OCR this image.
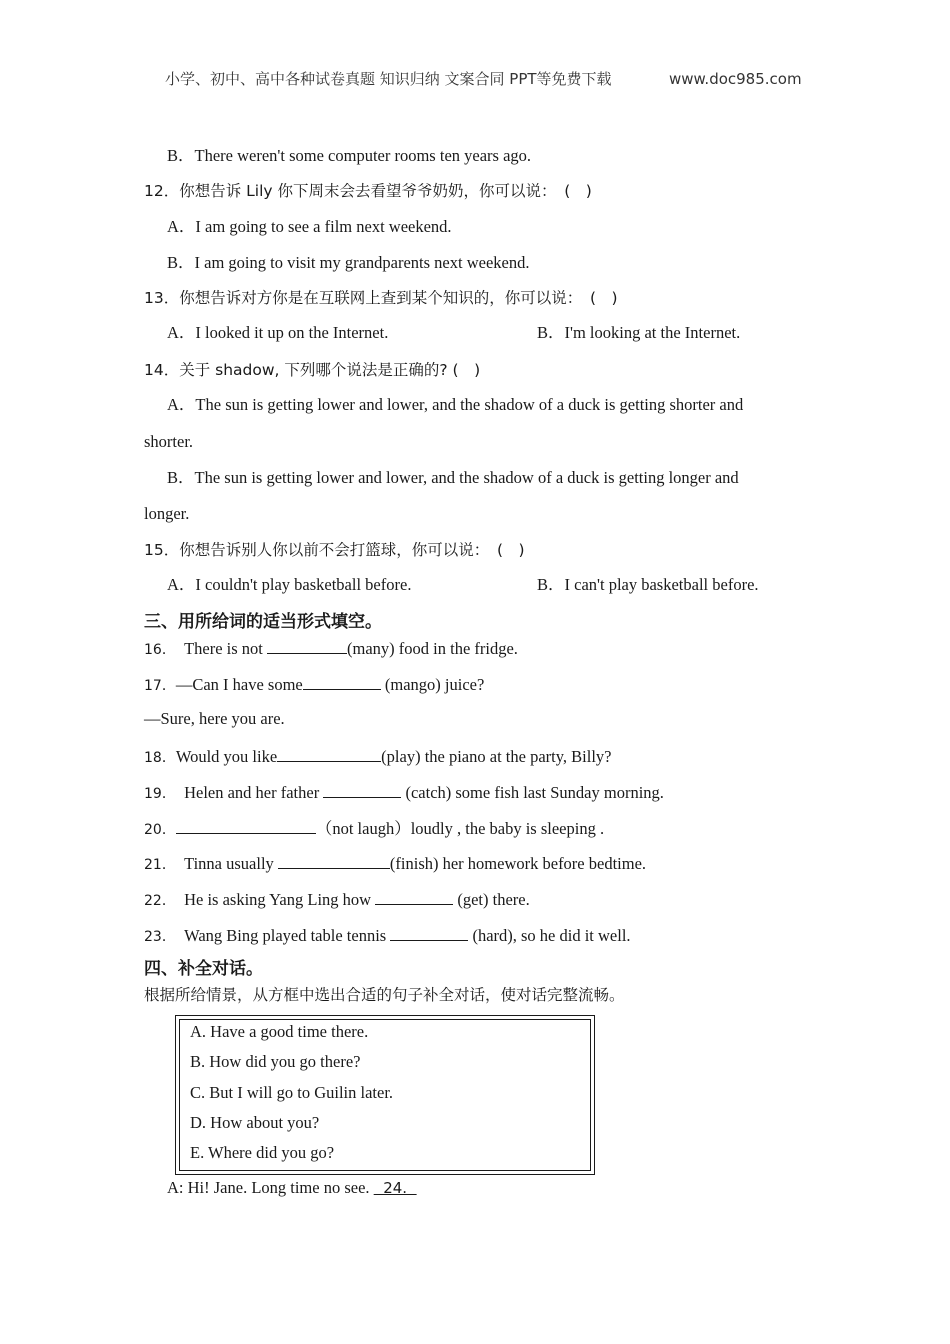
小学、初中、高中各种试卷真题 知识归纳 文案合同 PPT等免费下载	www.doc985.com
B．There weren't some computer rooms ten years ago.
12．你想告诉 Lily 你下周末会去看望爷爷奶奶，你可以说：　(　)
A．I am going to see a film next weekend.
B．I am going to visit my grandparents next weekend.
13．你想告诉对方你是在互联网上查到某个知识的，你可以说：　(　)
A．I looked it up on the Internet.	B．I'm looking at the Internet.
14．关于 shadow, 下列哪个说法是正确的? (　)
A．The sun is getting lower and lower, and the shadow of a duck is getting shorter and
shorter.
B．The sun is getting lower and lower, and the shadow of a duck is getting longer and
longer.
15．你想告诉别人你以前不会打篮球，你可以说：　(　)
A．I couldn't play basketball before.	B．I can't play basketball before.
三、用所给词的适当形式填空。
16． There is not	(many) food in the fridge.
17．—Can I have some	(mango) juice?
—Sure, here you are.
18．Would you like	(play) the piano at the party, Billy?
19． Helen and her father	(catch) some fish last Sunday morning.
20．	（not laugh）loudly , the baby is sleeping .
21． Tinna usually	(finish) her homework before bedtime.
22． He is asking Yang Ling how	(get) there.
23． Wang Bing played table tennis	(hard), so he did it well.
四、补全对话。
根据所给情景，从方框中选出合适的句子补全对话，使对话完整流畅。
A. Have a good time there.
B. How did you go there?
C. But I will go to Guilin later.
D. How about you?
E. Where did you go?
A: Hi! Jane. Long time no see.   24.
